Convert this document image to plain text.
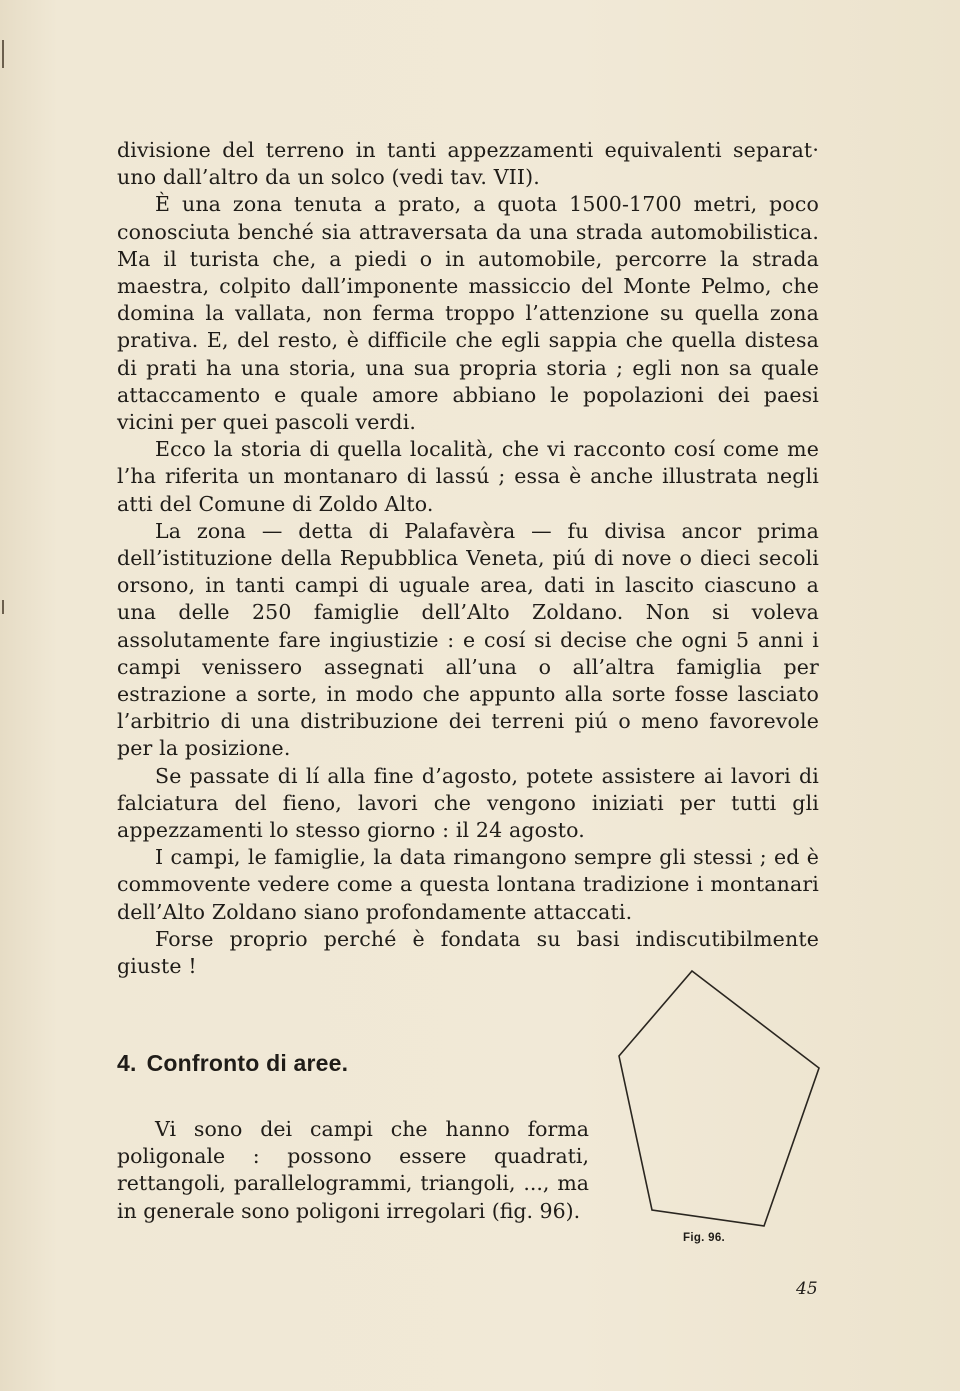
divisione del terreno in tanti appezzamenti equivalenti separat· uno dall’altro da un solco (vedi tav. VII).

È una zona tenuta a prato, a quota 1500-1700 metri, poco conosciuta benché sia attraversata da una strada automobilistica. Ma il turista che, a piedi o in automobile, percorre la strada maestra, colpito dall’imponente massiccio del Monte Pelmo, che domina la vallata, non ferma troppo l’attenzione su quella zona prativa. E, del resto, è difficile che egli sappia che quella distesa di prati ha una storia, una sua propria storia ; egli non sa quale attaccamento e quale amore abbiano le popolazioni dei paesi vicini per quei pascoli verdi.

Ecco la storia di quella località, che vi racconto cosí come me l’ha riferita un montanaro di lassú ; essa è anche illustrata negli atti del Comune di Zoldo Alto.

La zona — detta di Palafavèra — fu divisa ancor prima dell’istituzione della Repubblica Veneta, piú di nove o dieci secoli orsono, in tanti campi di uguale area, dati in lascito ciascuno a una delle 250 famiglie dell’Alto Zoldano. Non si voleva assolutamente fare ingiustizie : e cosí si decise che ogni 5 anni i campi venissero assegnati all’una o all’altra famiglia per estrazione a sorte, in modo che appunto alla sorte fosse lasciato l’arbitrio di una distribuzione dei terreni piú o meno favorevole per la posizione.

Se passate di lí alla fine d’agosto, potete assistere ai lavori di falciatura del fieno, lavori che vengono iniziati per tutti gli appezzamenti lo stesso giorno : il 24 agosto.

I campi, le famiglie, la data rimangono sempre gli stessi ; ed è commovente vedere come a questa lontana tradizione i montanari dell’Alto Zoldano siano profondamente attaccati.

Forse proprio perché è fondata su basi indiscutibilmente giuste !

4. Confronto di aree.

Vi sono dei campi che hanno forma poligonale : possono essere quadrati, rettangoli, parallelogrammi, triangoli, ..., ma in generale sono poligoni irregolari (fig. 96).

Fig. 96.
45
